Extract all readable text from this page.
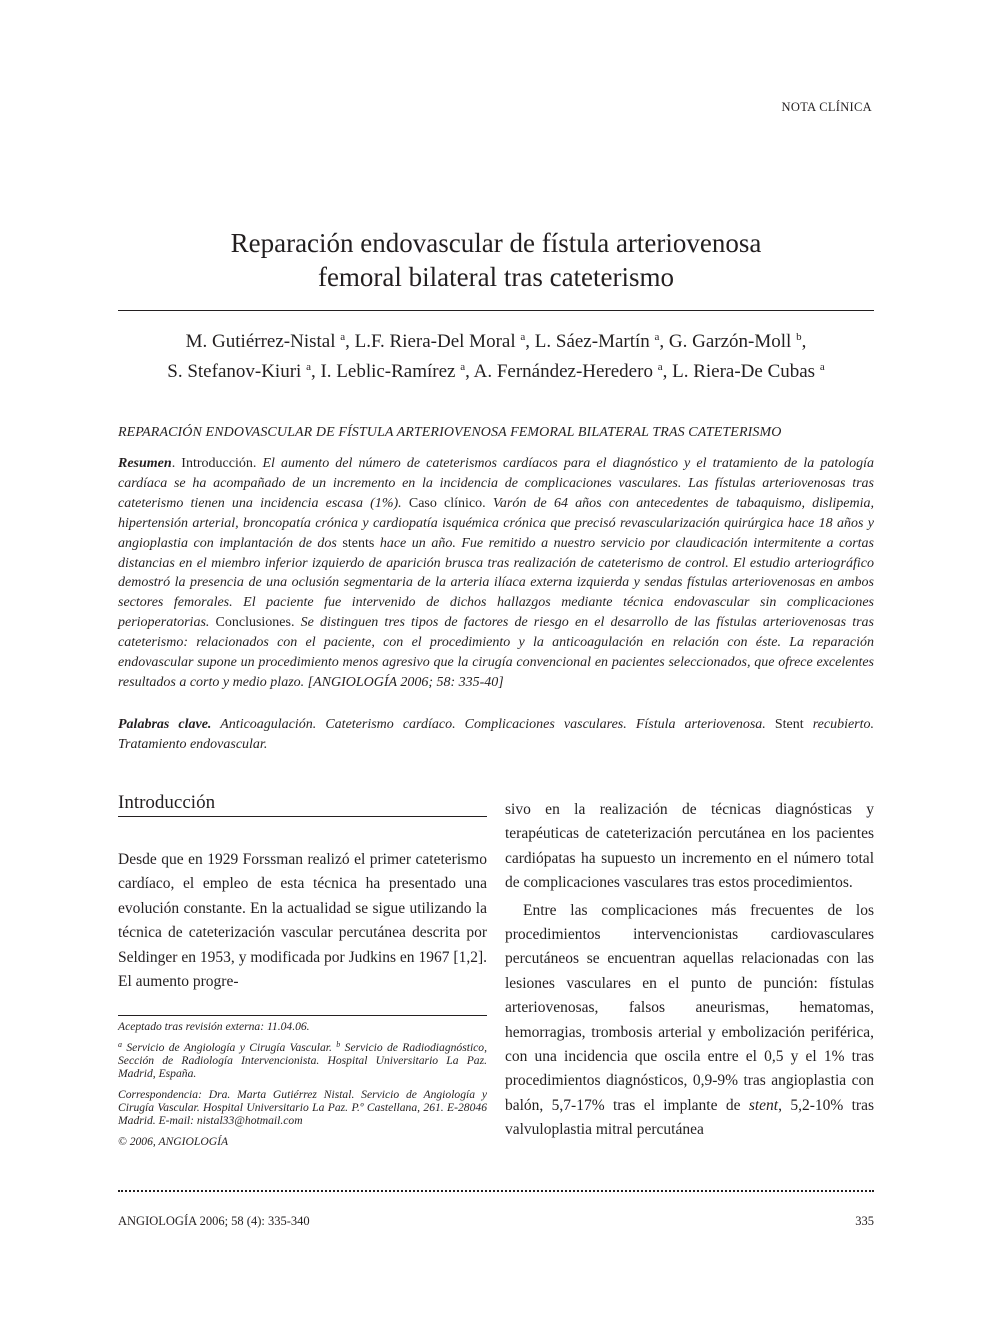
NOTA CLÍNICA
Reparación endovascular de fístula arteriovenosa
femoral bilateral tras cateterismo
M. Gutiérrez-Nistal $^a$, L.F. Riera-Del Moral $^a$, L. Sáez-Martín $^a$, G. Garzón-Moll $^b$,
S. Stefanov-Kiuri $^a$, I. Leblic-Ramírez $^a$, A. Fernández-Heredero $^a$, L. Riera-De Cubas $^a$
REPARACIÓN ENDOVASCULAR DE FÍSTULA ARTERIOVENOSA FEMORAL BILATERAL TRAS CATETERISMO
Resumen. Introducción. El aumento del número de cateterismos cardíacos para el diagnóstico y el tratamiento de la patología cardíaca se ha acompañado de un incremento en la incidencia de complicaciones vasculares. Las fístulas arteriovenosas tras cateterismo tienen una incidencia escasa (1%). Caso clínico. Varón de 64 años con antecedentes de tabaquismo, dislipemia, hipertensión arterial, broncopatía crónica y cardiopatía isquémica crónica que precisó revascularización quirúrgica hace 18 años y angioplastia con implantación de dos stents hace un año. Fue remitido a nuestro servicio por claudicación intermitente a cortas distancias en el miembro inferior izquierdo de aparición brusca tras realización de cateterismo de control. El estudio arteriográfico demostró la presencia de una oclusión segmentaria de la arteria ilíaca externa izquierda y sendas fístulas arteriovenosas en ambos sectores femorales. El paciente fue intervenido de dichos hallazgos mediante técnica endovascular sin complicaciones perioperatorias. Conclusiones. Se distinguen tres tipos de factores de riesgo en el desarrollo de las fístulas arteriovenosas tras cateterismo: relacionados con el paciente, con el procedimiento y la anticoagulación en relación con éste. La reparación endovascular supone un procedimiento menos agresivo que la cirugía convencional en pacientes seleccionados, que ofrece excelentes resultados a corto y medio plazo. [ANGIOLOGÍA 2006; 58: 335-40]
Palabras clave. Anticoagulación. Cateterismo cardíaco. Complicaciones vasculares. Fístula arteriovenosa. Stent recubierto. Tratamiento endovascular.
Introducción

Desde que en 1929 Forssman realizó el primer cateterismo cardíaco, el empleo de esta técnica ha presentado una evolución constante. En la actualidad se sigue utilizando la técnica de cateterización vascular percutánea descrita por Seldinger en 1953, y modificada por Judkins en 1967 [1,2]. El aumento progre-

Aceptado tras revisión externa: 11.04.06.

$^a$ Servicio de Angiología y Cirugía Vascular. $^b$ Servicio de Radiodiagnóstico, Sección de Radiología Intervencionista. Hospital Universitario La Paz. Madrid, España.

Correspondencia: Dra. Marta Gutiérrez Nistal. Servicio de Angiología y Cirugía Vascular. Hospital Universitario La Paz. P.º Castellana, 261. E-28046 Madrid. E-mail: nistal33@hotmail.com

© 2006, ANGIOLOGÍA

sivo en la realización de técnicas diagnósticas y terapéuticas de cateterización percutánea en los pacientes cardiópatas ha supuesto un incremento en el número total de complicaciones vasculares tras estos procedimientos.

Entre las complicaciones más frecuentes de los procedimientos intervencionistas cardiovasculares percutáneos se encuentran aquellas relacionadas con las lesiones vasculares en el punto de punción: fístulas arteriovenosas, falsos aneurismas, hematomas, hemorragias, trombosis arterial y embolización periférica, con una incidencia que oscila entre el 0,5 y el 1% tras procedimientos diagnósticos, 0,9-9% tras angioplastia con balón, 5,7-17% tras el implante de stent, 5,2-10% tras valvuloplastia mitral percutánea

ANGIOLOGÍA 2006; 58 (4): 335-340	335
